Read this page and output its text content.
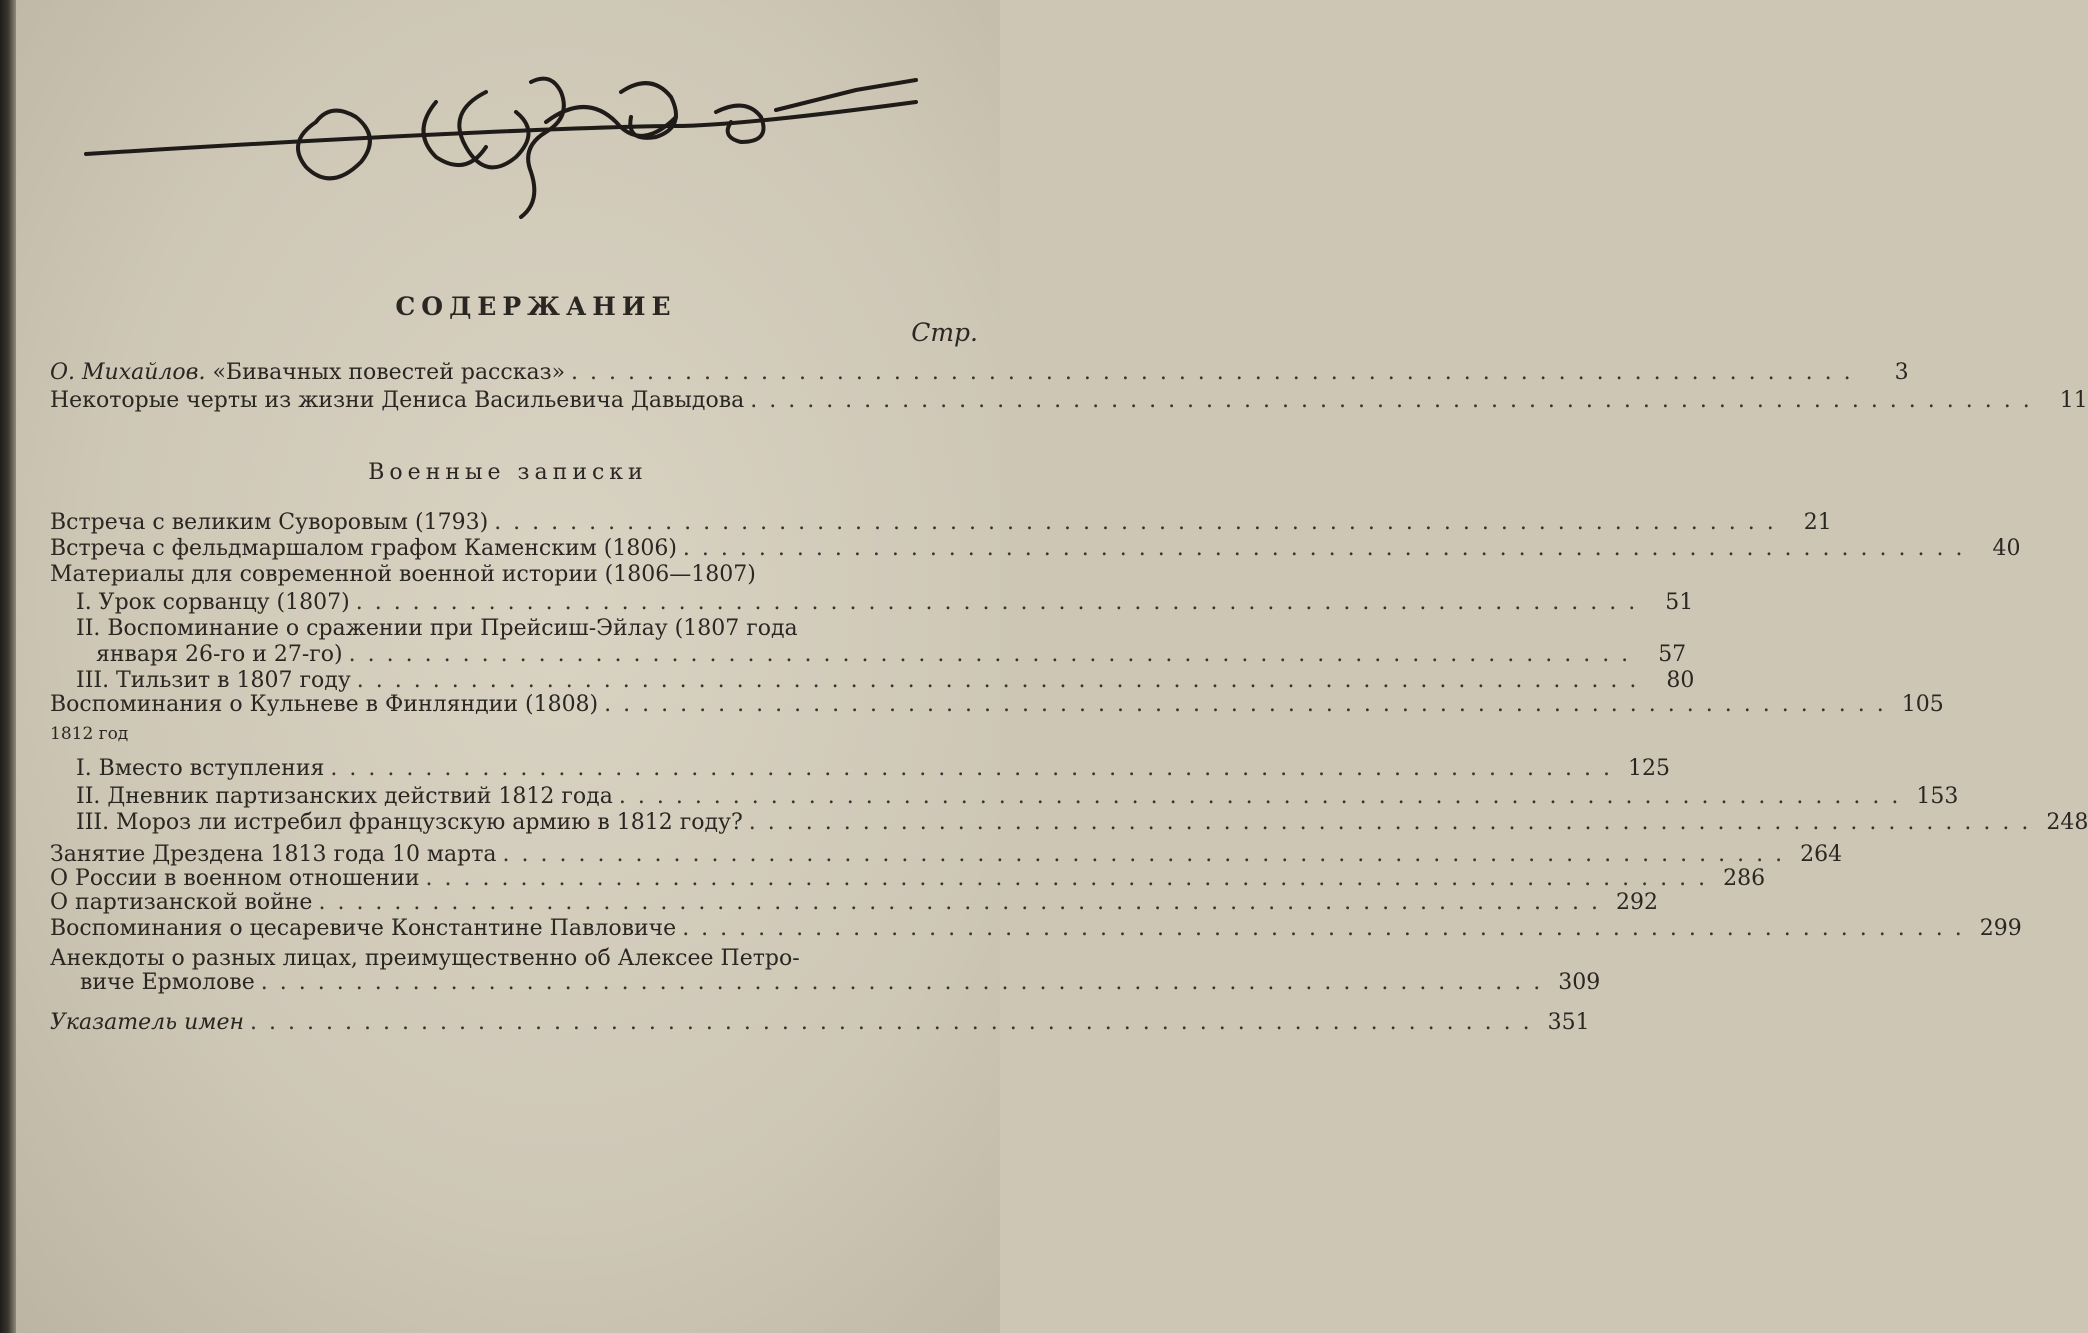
СОДЕРЖАНИЕ
Стр.
О. Михайлов. «Бивачных повестей рассказ» ....................................................................	3
Некоторые черты из жизни Дениса Васильевича Давыдова .................................................................... 11
Военные записки
Встреча с великим Суворовым (1793) .................................................................... 21
Встреча с фельдмаршалом графом Каменским (1806) .................................................................... 40
Материалы для современной военной истории (1806—1807)
I. Урок сорванцу (1807) .................................................................... 51
II. Воспоминание о сражении при Прейсиш-Эйлау (1807 года
января 26-го и 27-го) .................................................................... 57
III. Тильзит в 1807 году .................................................................... 80
Воспоминания о Кульневе в Финляндии (1808) .................................................................... 105
1812 год
I. Вместо вступления .................................................................... 125
II. Дневник партизанских действий 1812 года .................................................................... 153
III. Мороз ли истребил французскую армию в 1812 году? .................................................................... 248
Занятие Дрездена 1813 года 10 марта .................................................................... 264
О России в военном отношении .................................................................... 286
О партизанской войне .................................................................... 292
Воспоминания о цесаревиче Константине Павловиче .................................................................... 299
Анекдоты о разных лицах, преимущественно об Алексее Петро-
виче Ермолове .................................................................... 309
Указатель имен .................................................................... 351
